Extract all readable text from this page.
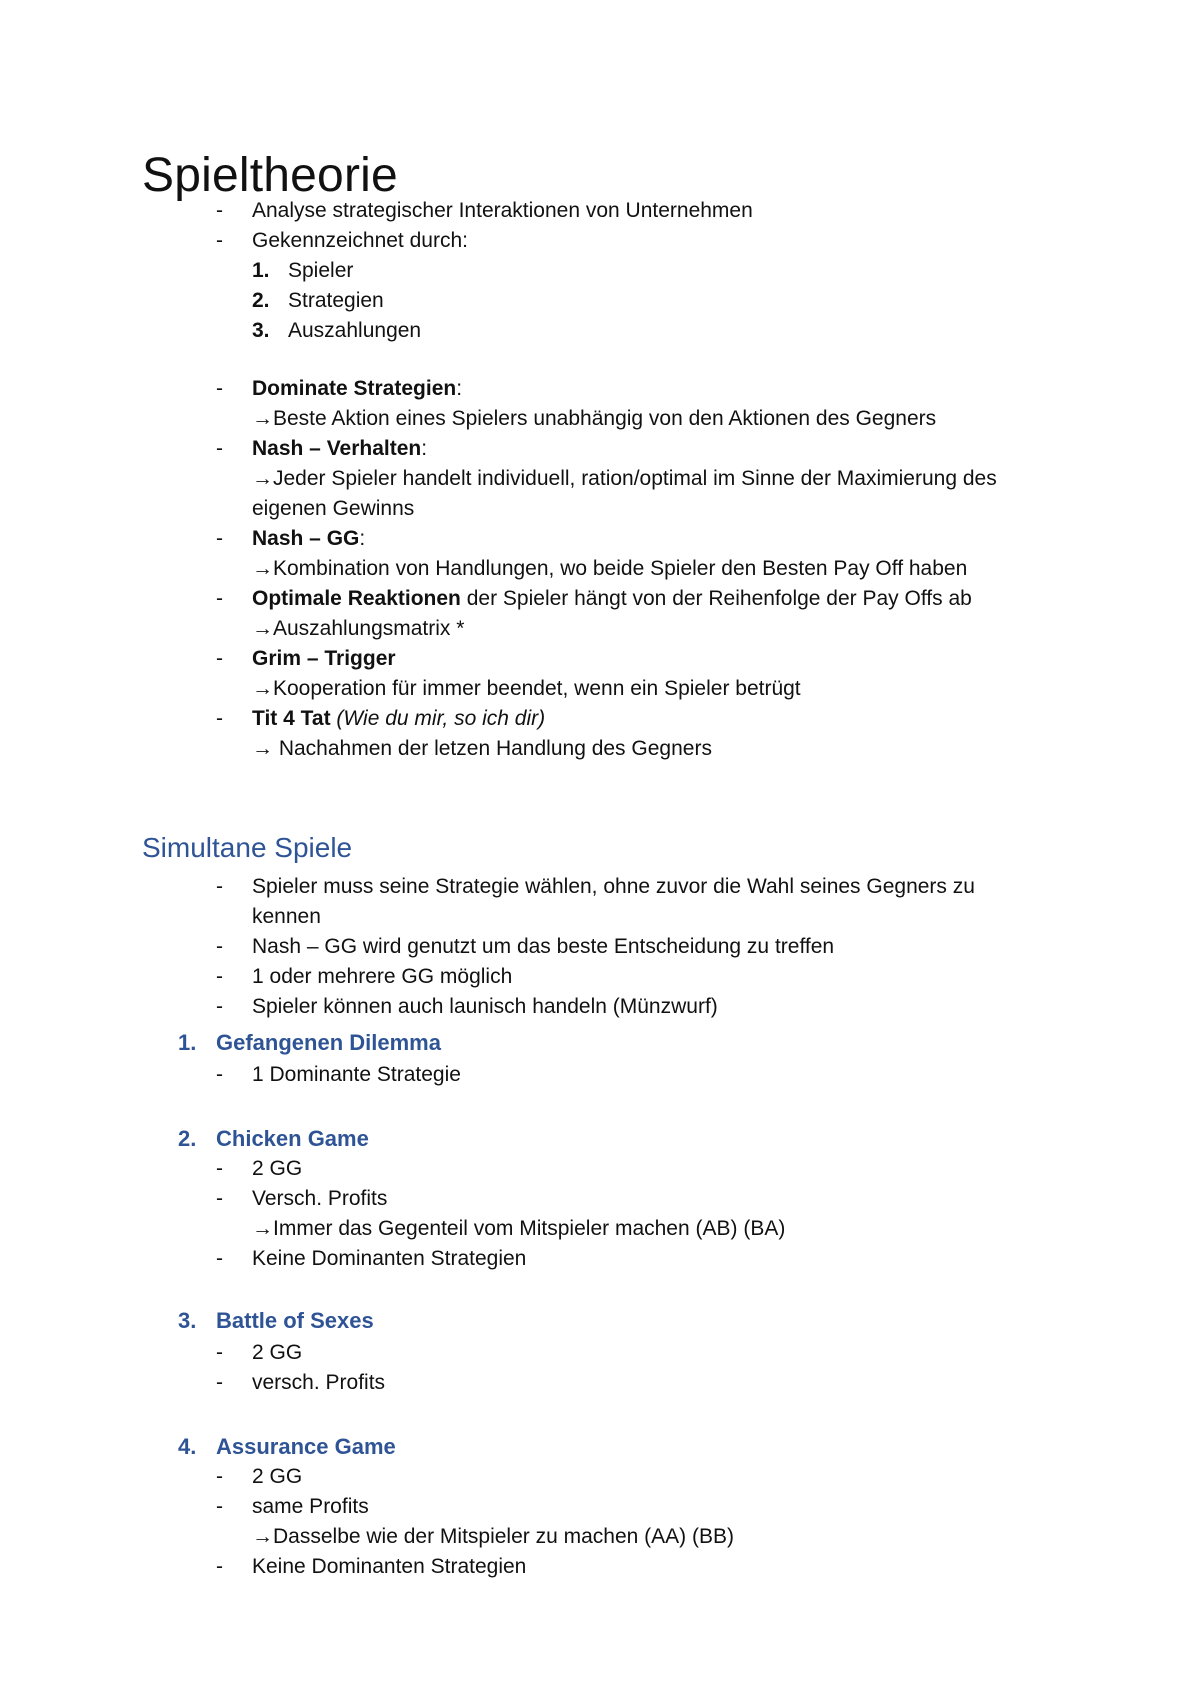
Spieltheorie
- Analyse strategischer Interaktionen von Unternehmen
- Gekennzeichnet durch:
1. Spieler
2. Strategien
3. Auszahlungen
- Dominate Strategien:
→Beste Aktion eines Spielers unabhängig von den Aktionen des Gegners
- Nash – Verhalten:
→Jeder Spieler handelt individuell, ration/optimal im Sinne der Maximierung des
eigenen Gewinns
- Nash – GG:
→Kombination von Handlungen, wo beide Spieler den Besten Pay Off haben
- Optimale Reaktionen der Spieler hängt von der Reihenfolge der Pay Offs ab
→Auszahlungsmatrix *
- Grim – Trigger
→Kooperation für immer beendet, wenn ein Spieler betrügt
- Tit 4 Tat (Wie du mir, so ich dir)
→ Nachahmen der letzen Handlung des Gegners
Simultane Spiele
- Spieler muss seine Strategie wählen, ohne zuvor die Wahl seines Gegners zu
kennen
- Nash – GG wird genutzt um das beste Entscheidung zu treffen
- 1 oder mehrere GG möglich
- Spieler können auch launisch handeln (Münzwurf)
1. Gefangenen Dilemma
- 1 Dominante Strategie
2. Chicken Game
- 2 GG
- Versch. Profits
→Immer das Gegenteil vom Mitspieler machen (AB) (BA)
- Keine Dominanten Strategien
3. Battle of Sexes
- 2 GG
- versch. Profits
4. Assurance Game
- 2 GG
- same Profits
→Dasselbe wie der Mitspieler zu machen (AA) (BB)
- Keine Dominanten Strategien
